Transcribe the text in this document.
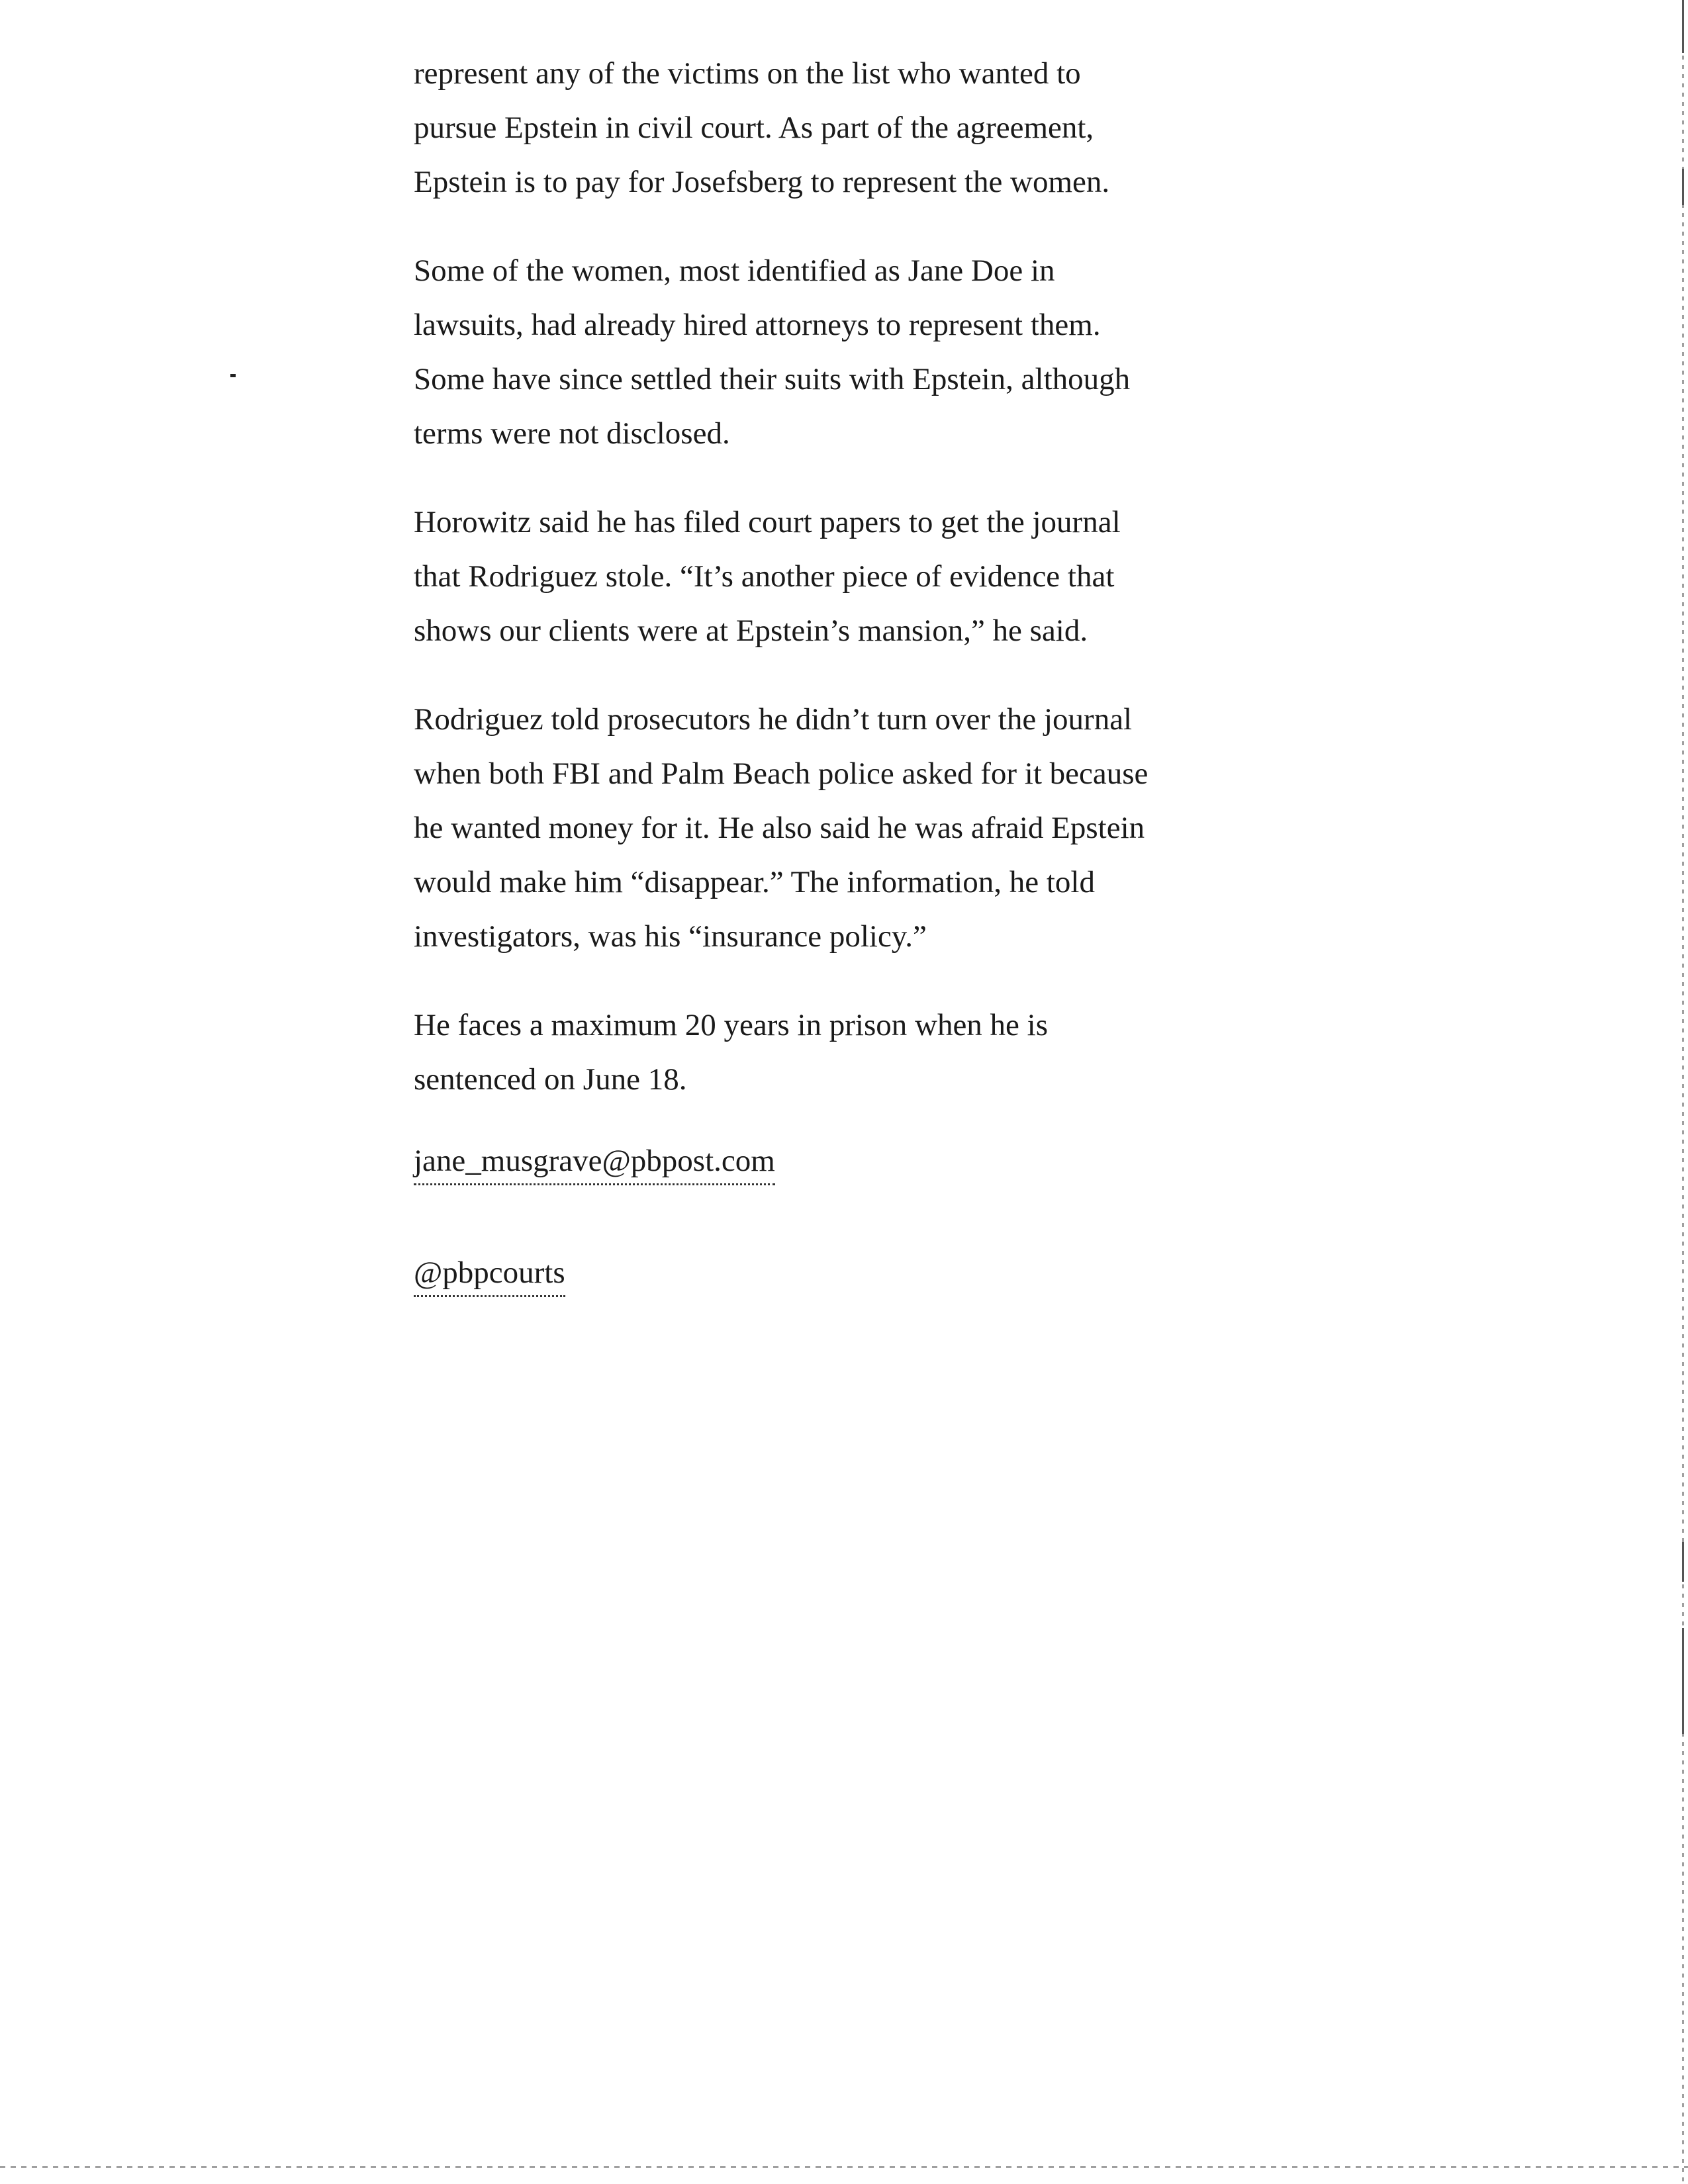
represent any of the victims on the list who wanted to
pursue Epstein in civil court. As part of the agreement,
Epstein is to pay for Josefsberg to represent the women.

Some of the women, most identified as Jane Doe in
lawsuits, had already hired attorneys to represent them.
Some have since settled their suits with Epstein, although
terms were not disclosed.

Horowitz said he has filed court papers to get the journal
that Rodriguez stole. “It’s another piece of evidence that
shows our clients were at Epstein’s mansion,” he said.

Rodriguez told prosecutors he didn’t turn over the journal
when both FBI and Palm Beach police asked for it because
he wanted money for it. He also said he was afraid Epstein
would make him “disappear.” The information, he told
investigators, was his “insurance policy.”

He faces a maximum 20 years in prison when he is
sentenced on June 18.

jane_musgrave@pbpost.com
@pbpcourts
